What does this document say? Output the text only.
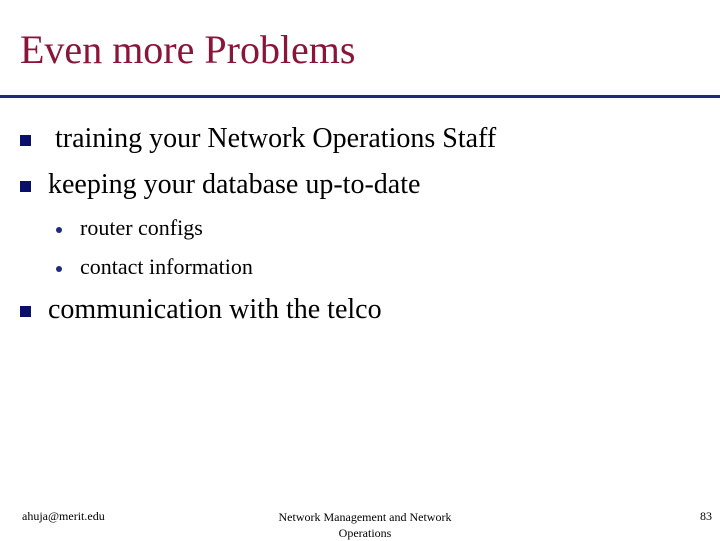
Even more Problems
training your Network Operations Staff
keeping your database up-to-date
router configs
contact information
communication with the telco
ahuja@merit.edu	Network Management and Network Operations
83
